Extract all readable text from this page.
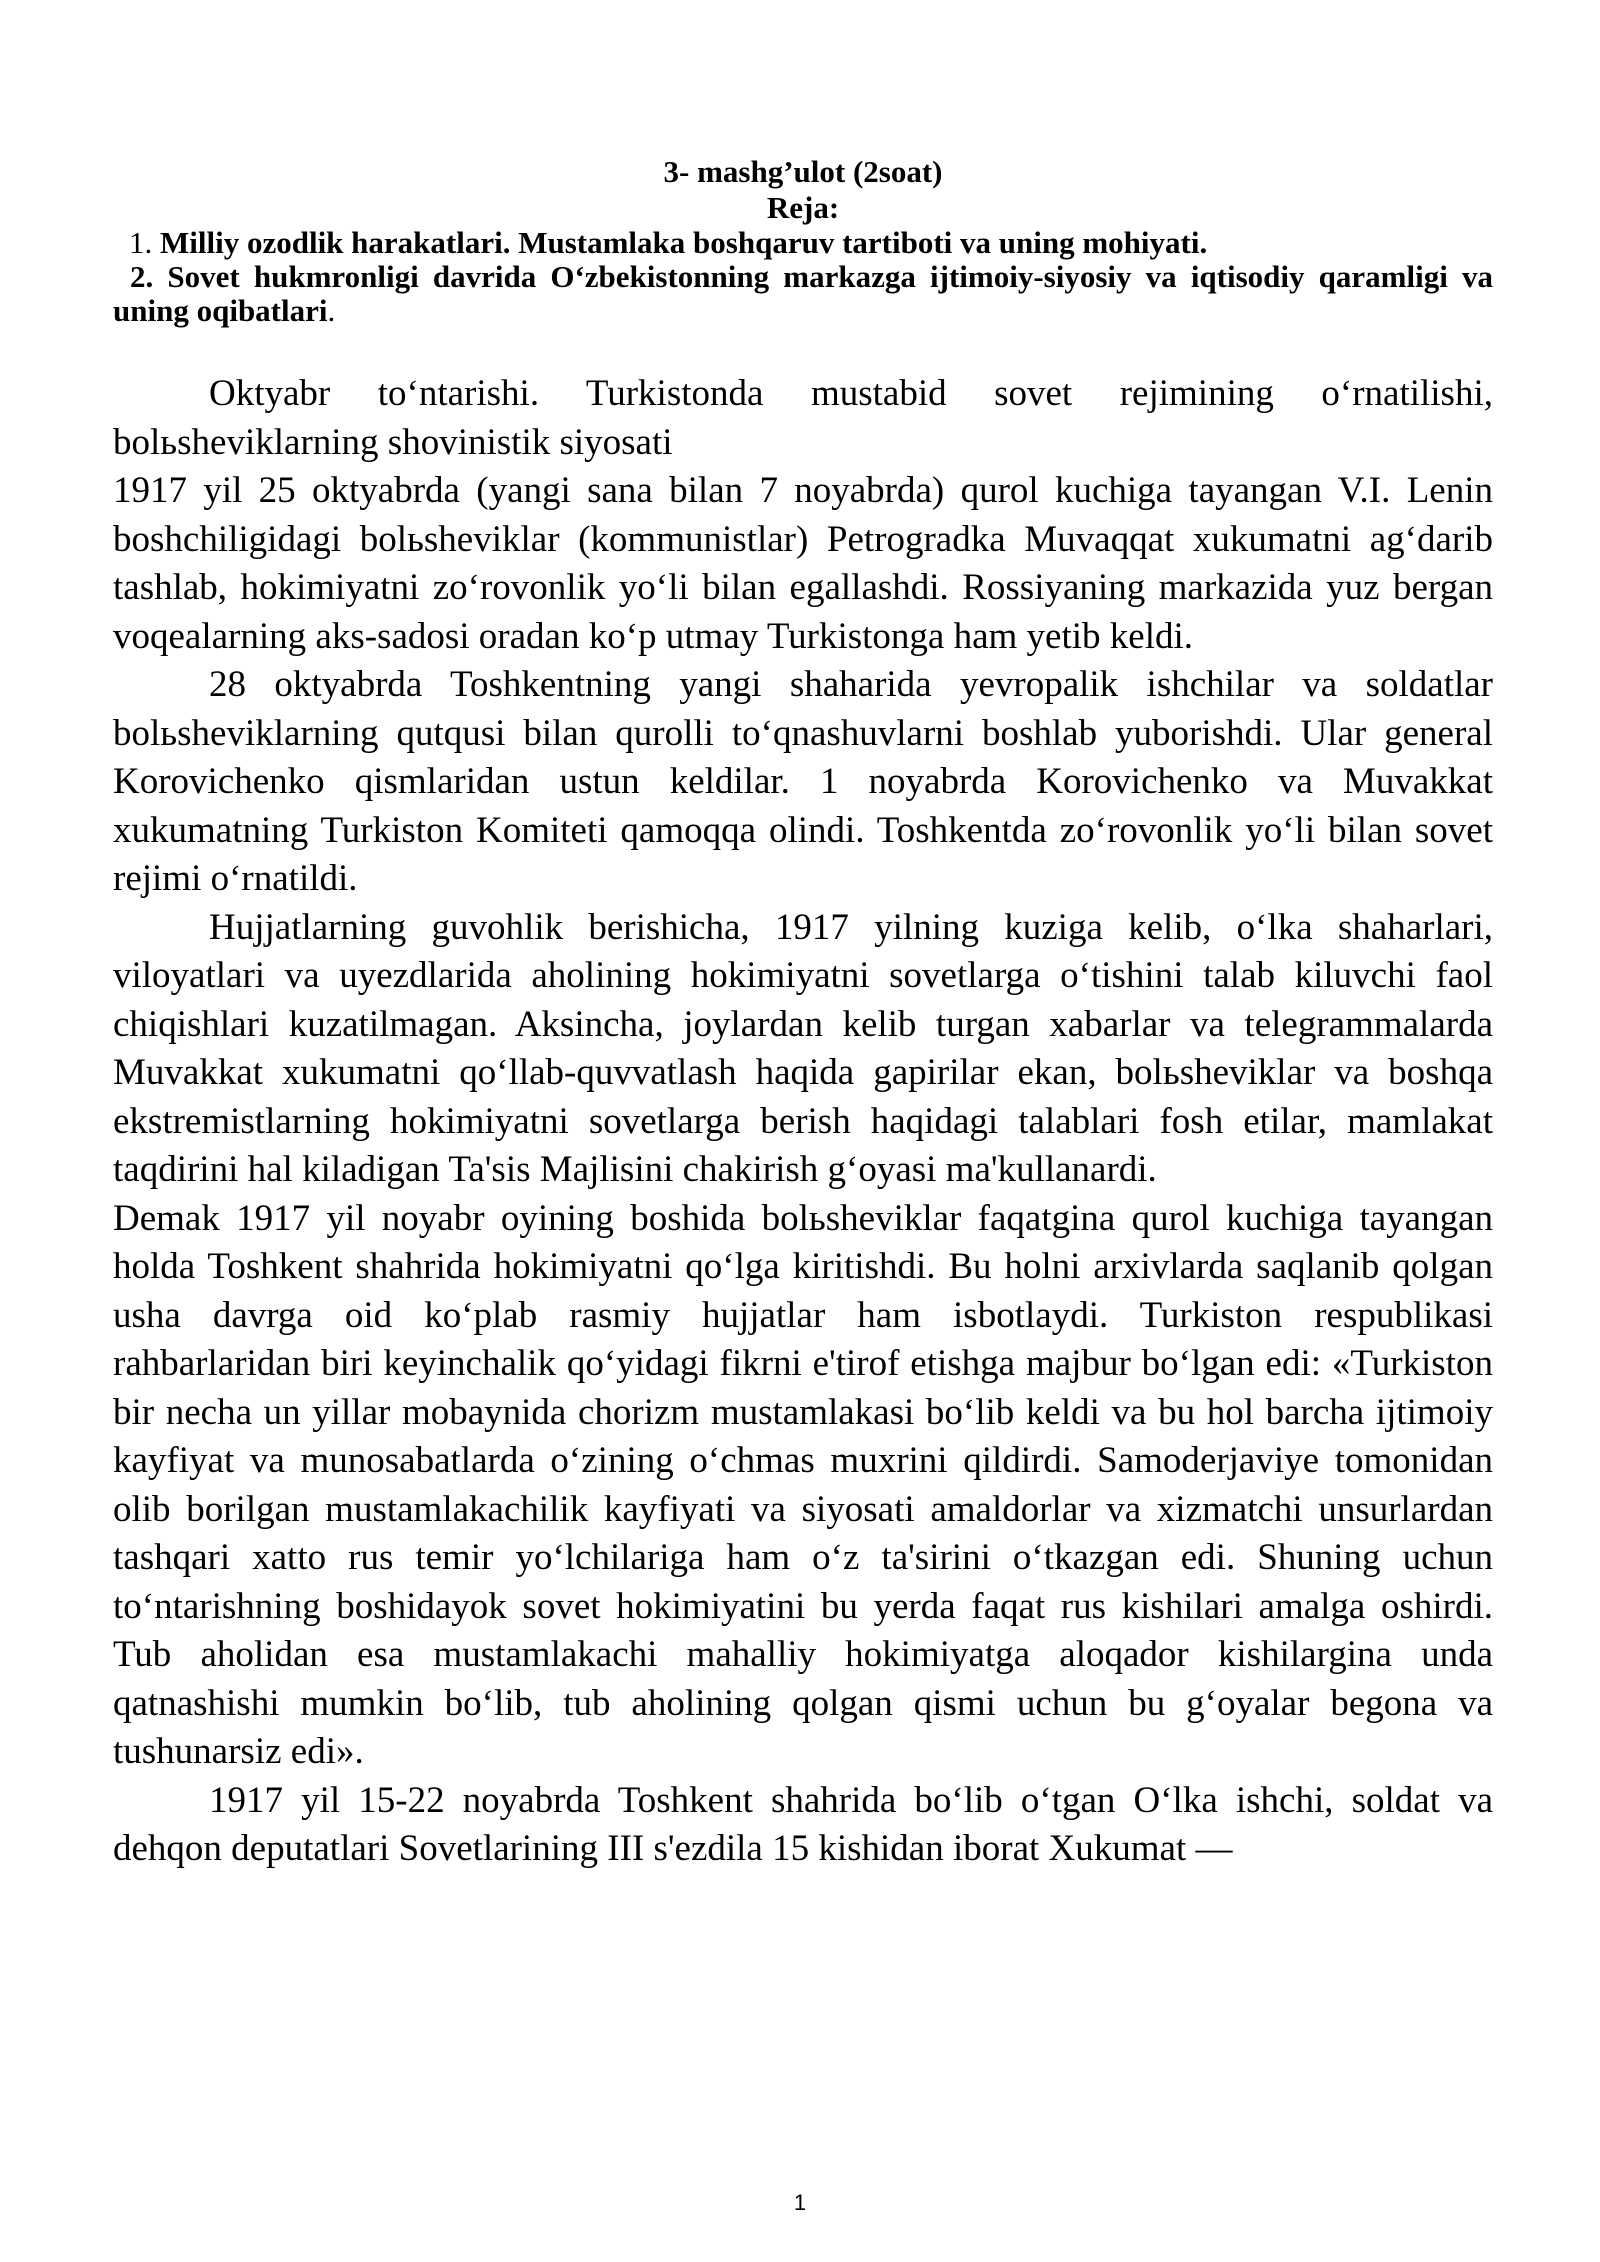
3- mashg’ulot (2soat)
Reja:
1. Milliy ozodlik harakatlari. Mustamlaka boshqaruv tartiboti va uning mohiyati.
2. Sovet hukmronligi davrida O‘zbekistonning markazga ijtimoiy-siyosiy va iqtisodiy qaramligi va uning oqibatlari.

Oktyabr to‘ntarishi. Turkistonda mustabid sovet rejimining o‘rnatilishi, bolьsheviklarning shovinistik siyosati

1917 yil 25 oktyabrda (yangi sana bilan 7 noyabrda) qurol kuchiga tayangan V.I. Lenin boshchiligidagi bolьsheviklar (kommunistlar) Petrogradka Muvaqqat xukumatni ag‘darib tashlab, hokimiyatni zo‘rovonlik yo‘li bilan egallashdi. Rossiyaning markazida yuz bergan voqealarning aks-sadosi oradan ko‘p utmay Turkistonga ham yetib keldi.

28 oktyabrda Toshkentning yangi shaharida yevropalik ishchilar va soldatlar bolьsheviklarning qutqusi bilan qurolli to‘qnashuvlarni boshlab yuborishdi. Ular general Korovichenko qismlaridan ustun keldilar. 1 noyabrda Korovichenko va Muvakkat xukumatning Turkiston Komiteti qamoqqa olindi. Toshkentda zo‘rovonlik yo‘li bilan sovet rejimi o‘rnatildi.

Hujjatlarning guvohlik berishicha, 1917 yilning kuziga kelib, o‘lka shaharlari, viloyatlari va uyezdlarida aholining hokimiyatni sovetlarga o‘tishini talab kiluvchi faol chiqishlari kuzatilmagan. Aksincha, joylardan kelib turgan xabarlar va telegrammalarda Muvakkat xukumatni qo‘llab-quvvatlash haqida gapirilar ekan, bolьsheviklar va boshqa ekstremistlarning hokimiyatni sovetlarga berish haqidagi talablari fosh etilar, mamlakat taqdirini hal kiladigan Ta'sis Majlisini chakirish g‘oyasi ma'kullanardi.

Demak 1917 yil noyabr oyining boshida bolьsheviklar faqatgina qurol kuchiga tayangan holda Toshkent shahrida hokimiyatni qo‘lga kiritishdi. Bu holni arxivlarda saqlanib qolgan usha davrga oid ko‘plab rasmiy hujjatlar ham isbotlaydi. Turkiston respublikasi rahbarlaridan biri keyinchalik qo‘yidagi fikrni e'tirof etishga majbur bo‘lgan edi: «Turkiston bir necha un yillar mobaynida chorizm mustamlakasi bo‘lib keldi va bu hol barcha ijtimoiy kayfiyat va munosabatlarda o‘zining o‘chmas muxrini qildirdi. Samoderjaviye tomonidan olib borilgan mustamlakachilik kayfiyati va siyosati amaldorlar va xizmatchi unsurlardan tashqari xatto rus temir yo‘lchilariga ham o‘z ta'sirini o‘tkazgan edi. Shuning uchun to‘ntarishning boshidayok sovet hokimiyatini bu yerda faqat rus kishilari amalga oshirdi. Tub aholidan esa mustamlakachi mahalliy hokimiyatga aloqador kishilargina unda qatnashishi mumkin bo‘lib, tub aholining qolgan qismi uchun bu g‘oyalar begona va tushunarsiz edi».

1917 yil 15-22 noyabrda Toshkent shahrida bo‘lib o‘tgan O‘lka ishchi, soldat va dehqon deputatlari Sovetlarining III s'ezdila 15 kishidan iborat Xukumat —

1
